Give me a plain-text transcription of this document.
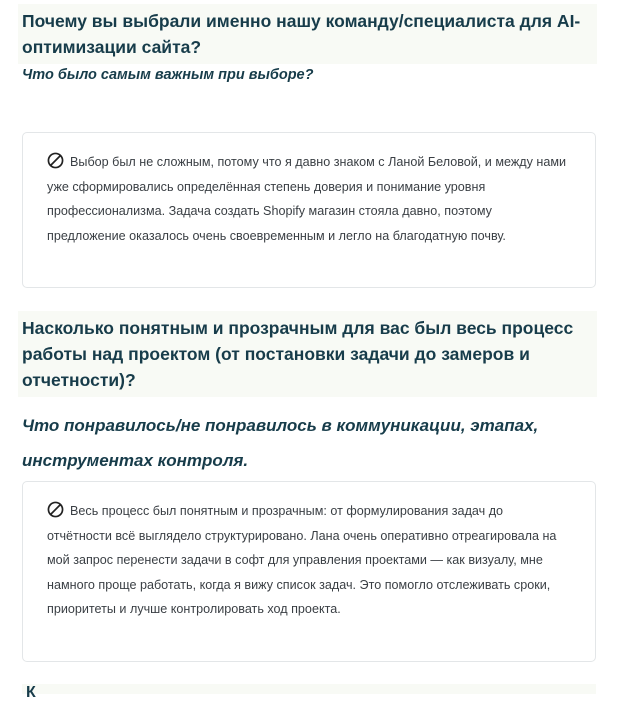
Почему вы выбрали именно нашу команду/специалиста для AI-оптимизации сайта?
Что было самым важным при выборе?
Выбор был не сложным, потому что я давно знаком с Ланой Беловой, и между нами уже сформировались определённая степень доверия и понимание уровня профессионализма. Задача создать Shopify магазин стояла давно, поэтому предложение оказалось очень своевременным и легло на благодатную почву.
Насколько понятным и прозрачным для вас был весь процесс работы над проектом (от постановки задачи до замеров и отчетности)?
Что понравилось/не понравилось в коммуникации, этапах, инструментах контроля.
Весь процесс был понятным и прозрачным: от формулирования задач до отчётности всё выглядело структурировано. Лана очень оперативно отреагировала на мой запрос перенести задачи в софт для управления проектами — как визуалу, мне намного проще работать, когда я вижу список задач. Это помогло отслеживать сроки, приоритеты и лучше контролировать ход проекта.
К
